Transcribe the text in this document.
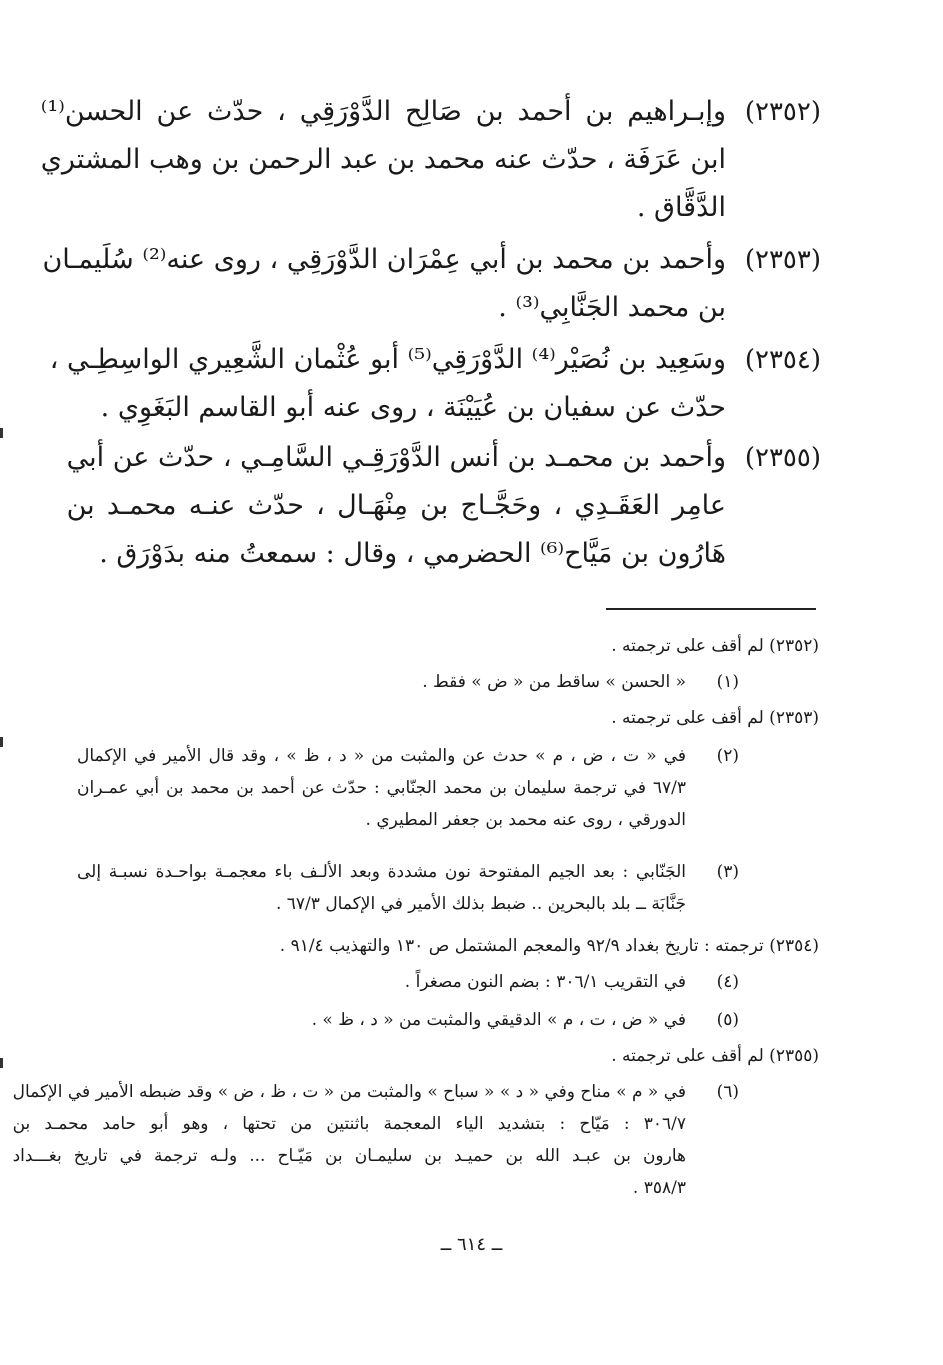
(٢٣٥٢)
وإبـراهيم بن أحمد بن صَالِح الدَّوْرَقِي ، حدّث عن الحسن⁽¹⁾
ابن عَرَفَة ، حدّث عنه محمد بن عبد الرحمن بن وهب المشتري
الدَّقَّاق .
(٢٣٥٣)
وأحمد بن محمد بن أبي عِمْرَان الدَّوْرَقِي ، روى عنه⁽²⁾ سُلَيمـان
بن محمد الجَنَّابِي⁽³⁾ .
(٢٣٥٤)
وسَعِيد بن نُصَيْر⁽⁴⁾ الدَّوْرَقِي⁽⁵⁾ أبو عُثْمان الشَّعِيري الواسِطِـي ،
حدّث عن سفيان بن عُيَيْنَة ، روى عنه أبو القاسم البَغَوِي .
(٢٣٥٥)
وأحمد بن محمـد بن أنس الدَّوْرَقِـي السَّامِـي ، حدّث عن أبي
عامِر العَقَـدِي ، وحَجَّـاج بن مِنْهَـال ، حدّث عنـه محمـد بن
هَارُون بن مَيَّاح⁽⁶⁾ الحضرمي ، وقال : سمعتُ منه بدَوْرَق .
(٢٣٥٢) لم أقف على ترجمته .
(١)
« الحسن » ساقط من « ض » فقط .
(٢٣٥٣) لم أقف على ترجمته .
(٢)
في « ت ، ض ، م » حدث عن والمثبت من « د ، ظ » ، وقد قال الأمير في الإكمال
٦٧/٣ في ترجمة سليمان بن محمد الجنّابي : حدّث عن أحمد بن محمد بن أبي عمـران
الدورقي ، روى عنه محمد بن جعفر المطيري .
(٣)
الجَنّابي : بعد الجيم المفتوحة نون مشددة وبعد الألـف باء معجمـة بواحـدة نسبـة إلى
جَنَّابَة ــ بلد بالبحرين .. ضبط بذلك الأمير في الإكمال ٦٧/٣ .
(٢٣٥٤) ترجمته : تاريخ بغداد ٩٢/٩ والمعجم المشتمل ص ١٣٠ والتهذيب ٩١/٤ .
(٤)
في التقريب ٣٠٦/١ : بضم النون مصغراً .
(٥)
في « ض ، ت ، م » الدقيقي والمثبت من « د ، ظ » .
(٢٣٥٥) لم أقف على ترجمته .
(٦)
في « م » مناح وفي « د » « سباح » والمثبت من « ت ، ظ ، ض » وقد ضبطه الأمير في الإكمال
٣٠٦/٧ : مَيّاح : بتشديد الياء المعجمة باثنتين من تحتها ، وهو أبو حامد محمـد بن
هارون بن عبـد الله بن حميـد بن سليمـان بن مَيّـاح ... ولـه ترجمة في تاريخ بغـــداد
٣٥٨/٣ .
ــ ٦١٤ ــ
